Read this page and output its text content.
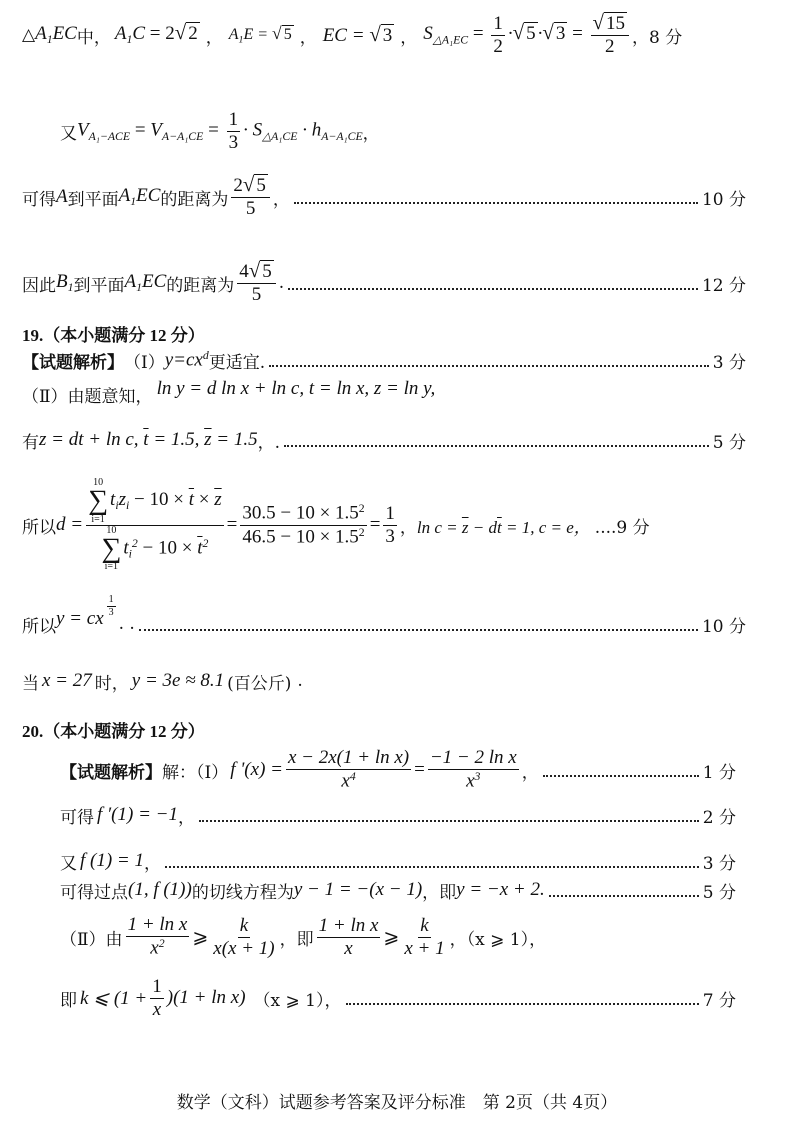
△ $A_1EC$ 中， $A_1C = 2$ √ 2 ， $A_1E$ = √ 5 ， EC = √ 3 ， $S_{\triangle A_1EC} = \frac{1}{2}$ · √ 5 · √ $3 = \frac{√ 15}{2}$ ，8 分
又 $V_{A_1-ACE} = V_{A-A_1CE} = \frac{1}{3} \cdot S_{\triangle A_1CE} \cdot h_{A-A_1CE}$ ，
可得 A 到平面 $A_1EC$ 的距离为 $\frac{2 √ 5}{5}$ ，	10 分
因此 $B_1$ 到平面 $A_1EC$ 的距离为 $\frac{4 √ 5}{5}$ .	12 分
19.（本小题满分 12 分）
【试题解析】 （Ⅰ） $y=cx^d$ 更适宜.	3 分
（Ⅱ）由题意知， ln y = d ln x + ln c, t = ln x, z = ln y,
有 z = dt + ln c, $\overline{t} = 1.5$, $\overline{z} = 1.5$ ，.	5 分
所以 d = 10
∑
i=1
$t_iz_i - 10 \times \overline{t} \times \overline{z}$
10
∑
i=1
$t_i^2 - 10 \times \overline{t}^2 = \frac{30.5 - 10 \times 1.5^2}{46.5 - 10 \times 1.5^2} = \frac{1}{3}$ ， $\ln c = \overline{z} - d\overline{t} = 1$, c = e， ....9 分
所以 y = cx
$\frac{1}{3}$
. .	10 分
当 x = 27 时， y = 3e ≈ 8.1 (百公斤) .
20.（本小题满分 12 分）
【试题解析】 解：（Ⅰ） f '$(x) = \frac{\text{x − 2x(1 + ln x)}}{x^4} = \frac{\text{−1 − 2 ln x}}{x^3}$ ，	1 分
可得 f ′(1) = −1 ，	2 分
又 f (1) = 1 ，	3 分
可得过点 (1, f (1)) 的切线方程为 y − 1 = −(x − 1) ，即 y = −x + 2.	5 分
（Ⅱ）由 $\frac{\text{1 + ln x}}{x^2}$ ⩾ $\frac{k}{x(x + 1)}$ ，即 $\frac{\text{1 + ln x}}{x}$ ⩾ $\frac{k}{x + 1}$ ，（x ⩾ 1），
即 k ⩽ $(1 + \frac{1}{x} )(1 + \ln x)$ （x ⩾ 1），	7 分
数学（文科）试题参考答案及评分标准　第 2页（共 4页）
